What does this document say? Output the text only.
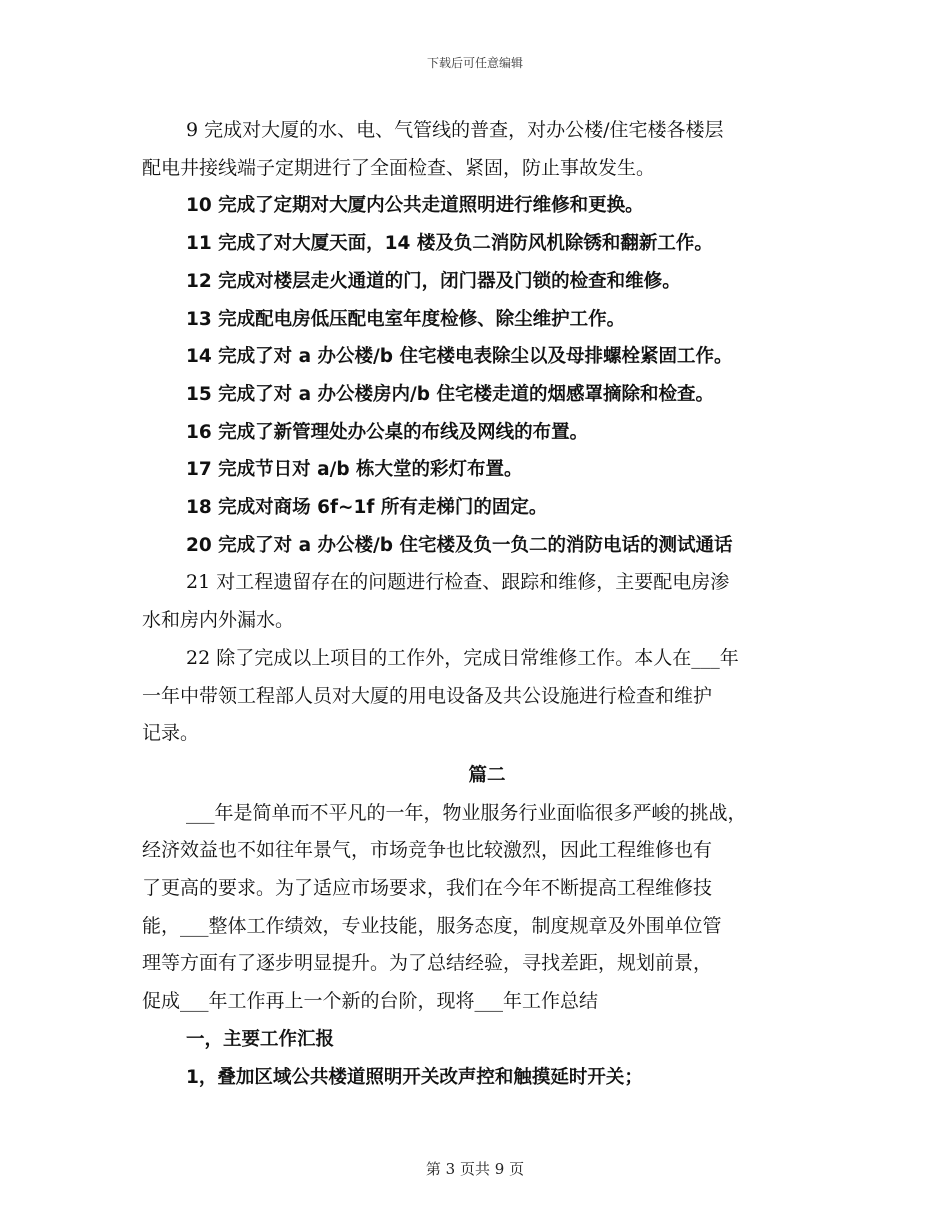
下载后可任意编辑
9 完成对大厦的水、电、气管线的普查，对办公楼/住宅楼各楼层
配电井接线端子定期进行了全面检查、紧固，防止事故发生。
10 完成了定期对大厦内公共走道照明进行维修和更换。
11 完成了对大厦天面，14 楼及负二消防风机除锈和翻新工作。
12 完成对楼层走火通道的门，闭门器及门锁的检查和维修。
13 完成配电房低压配电室年度检修、除尘维护工作。
14 完成了对 a 办公楼/b 住宅楼电表除尘以及母排螺栓紧固工作。
15 完成了对 a 办公楼房内/b 住宅楼走道的烟感罩摘除和检查。
16 完成了新管理处办公桌的布线及网线的布置。
17 完成节日对 a/b 栋大堂的彩灯布置。
18 完成对商场 6f~1f 所有走梯门的固定。
20 完成了对 a 办公楼/b 住宅楼及负一负二的消防电话的测试通话
21 对工程遗留存在的问题进行检查、跟踪和维修，主要配电房渗
水和房内外漏水。
22 除了完成以上项目的工作外，完成日常维修工作。本人在___年
一年中带领工程部人员对大厦的用电设备及共公设施进行检查和维护
记录。
篇二
___年是简单而不平凡的一年，物业服务行业面临很多严峻的挑战，
经济效益也不如往年景气，市场竞争也比较激烈，因此工程维修也有
了更高的要求。为了适应市场要求，我们在今年不断提高工程维修技
能，___整体工作绩效，专业技能，服务态度，制度规章及外围单位管
理等方面有了逐步明显提升。为了总结经验，寻找差距，规划前景，
促成___年工作再上一个新的台阶，现将___年工作总结
一，主要工作汇报
1，叠加区域公共楼道照明开关改声控和触摸延时开关；
第 3 页共 9 页
